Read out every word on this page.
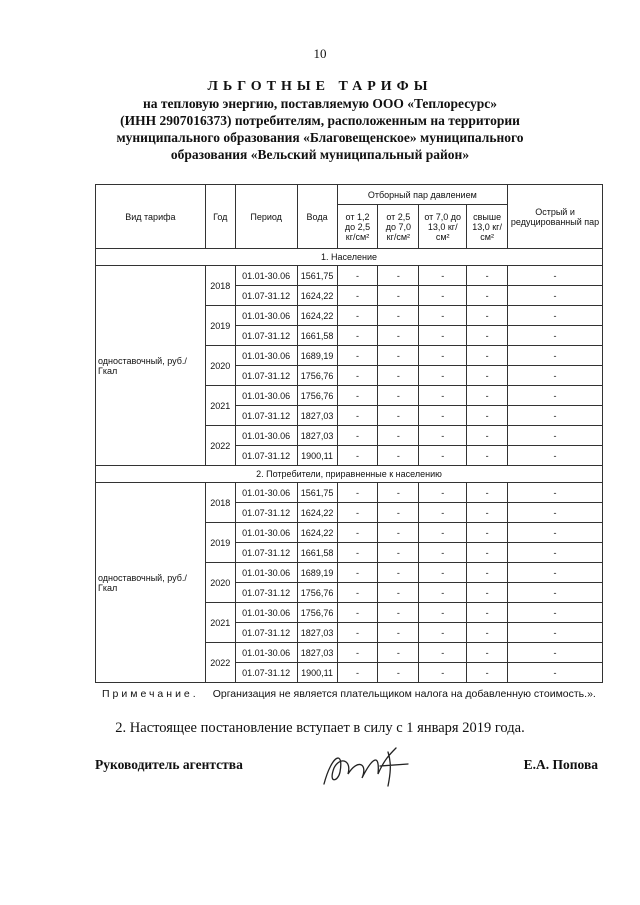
10
ЛЬГОТНЫЕ ТАРИФЫ
на тепловую энергию, поставляемую ООО «Теплоресурс»
(ИНН 2907016373) потребителям, расположенным на территории
муниципального образования «Благовещенское» муниципального
образования «Вельский муниципальный район»
Вид тарифа	Год	Период	Вода	Отборный пар давлением				Острый и редуцированный пар
				от 1,2 до 2,5 кг/см²	от 2,5 до 7,0 кг/см²	от 7,0 до 13,0 кг/см²	свыше 13,0 кг/см²	
1. Население								
одноставочный, руб./Гкал	2018	01.01-30.06	1561,75	-	-	-	-	-
		01.07-31.12	1624,22	-	-	-	-	-
	2019	01.01-30.06	1624,22	-	-	-	-	-
		01.07-31.12	1661,58	-	-	-	-	-
	2020	01.01-30.06	1689,19	-	-	-	-	-
		01.07-31.12	1756,76	-	-	-	-	-
	2021	01.01-30.06	1756,76	-	-	-	-	-
		01.07-31.12	1827,03	-	-	-	-	-
	2022	01.01-30.06	1827,03	-	-	-	-	-
		01.07-31.12	1900,11	-	-	-	-	-
2. Потребители, приравненные к населению								
одноставочный, руб./Гкал	2018	01.01-30.06	1561,75	-	-	-	-	-
		01.07-31.12	1624,22	-	-	-	-	-
	2019	01.01-30.06	1624,22	-	-	-	-	-
		01.07-31.12	1661,58	-	-	-	-	-
	2020	01.01-30.06	1689,19	-	-	-	-	-
		01.07-31.12	1756,76	-	-	-	-	-
	2021	01.01-30.06	1756,76	-	-	-	-	-
		01.07-31.12	1827,03	-	-	-	-	-
	2022	01.01-30.06	1827,03	-	-	-	-	-
		01.07-31.12	1900,11	-	-	-	-	-
Примечание. Организация не является плательщиком налога на добавленную стоимость.».
2. Настоящее постановление вступает в силу с 1 января 2019 года.
Руководитель агентства	Е.А. Попова
